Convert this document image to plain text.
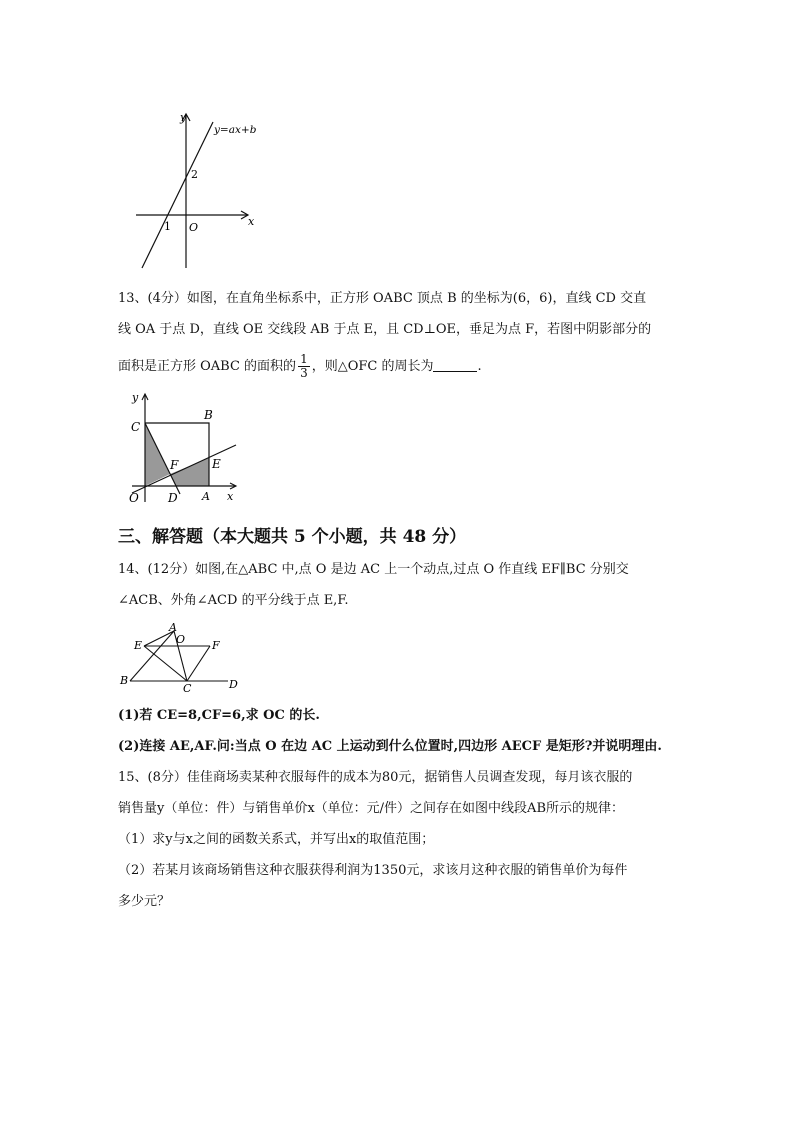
y
x
y=ax+b
2
1 O
13、(4分）如图，在直角坐标系中，正方形 OABC 顶点 B 的坐标为(6，6)，直线 CD 交直
线 OA 于点 D，直线 OE 交线段 AB 于点 E，且 CD⊥OE，垂足为点 F，若图中阴影部分的
面积是正方形 OABC 的面积的 $\frac{1}{3}$ ，则△OFC 的周长为	.
y
C
B
F	E
O D A x
三、解答题（本大题共 5 个小题，共 48 分）
14、(12分）如图,在△ABC 中,点 O 是边 AC 上一个动点,过点 O 作直线 EF∥BC 分别交
∠ACB、外角∠ACD 的平分线于点 E,F.
A
O
E	F
B
C	D
(1)若 CE=8,CF=6,求 OC 的长.
(2)连接 AE,AF.问:当点 O 在边 AC 上运动到什么位置时,四边形 AECF 是矩形?并说明理由.
15、(8分）佳佳商场卖某种衣服每件的成本为80元，据销售人员调查发现，每月该衣服的
销售量y（单位：件）与销售单价x（单位：元/件）之间存在如图中线段AB所示的规律：
（1）求y与x之间的函数关系式，并写出x的取值范围；
（2）若某月该商场销售这种衣服获得利润为1350元，求该月这种衣服的销售单价为每件
多少元？
